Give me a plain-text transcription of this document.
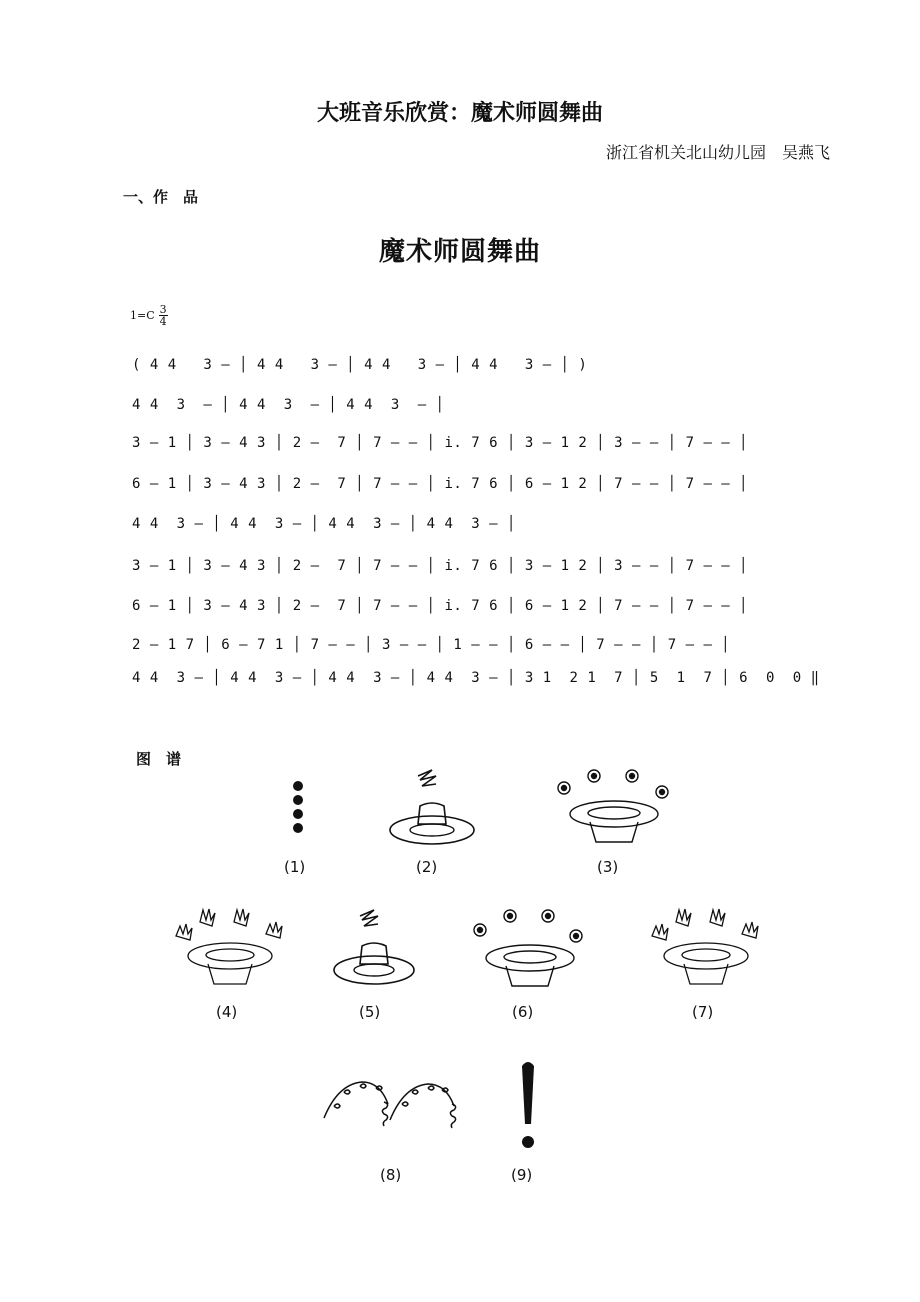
大班音乐欣赏：魔术师圆舞曲
浙江省机关北山幼儿园　吴燕飞
一、作　品
魔术师圆舞曲
$1=C \frac{3}{4}$
( 4 4   3 – │ 4 4   3 – │ 4 4   3 – │ 4 4   3 – │ )
4 4  3  – │ 4 4  3  – │ 4 4  3  – │
3 – 1 │ 3 – 4 3 │ 2 –  7 │ 7 – – │ i. 7 6 │ 3 – 1 2 │ 3 – – │ 7 – – │
6 – 1 │ 3 – 4 3 │ 2 –  7 │ 7 – – │ i. 7 6 │ 6 – 1 2 │ 7 – – │ 7 – – │
4 4  3 – │ 4 4  3 – │ 4 4  3 – │ 4 4  3 – │
3 – 1 │ 3 – 4 3 │ 2 –  7 │ 7 – – │ i. 7 6 │ 3 – 1 2 │ 3 – – │ 7 – – │
6 – 1 │ 3 – 4 3 │ 2 –  7 │ 7 – – │ i. 7 6 │ 6 – 1 2 │ 7 – – │ 7 – – │
2 – 1 7 │ 6 – 7 1 │ 7 – – │ 3 – – │ 1 – – │ 6 – – │ 7 – – │ 7 – – │
4 4  3 – │ 4 4  3 – │ 4 4  3 – │ 4 4  3 – │ 3 1  2 1  7 │ 5  1  7 │ 6  0  0 ‖
图　谱
(1)	(2)	(3)
(4)	(5)	(6)	(7)
(8)	(9)
